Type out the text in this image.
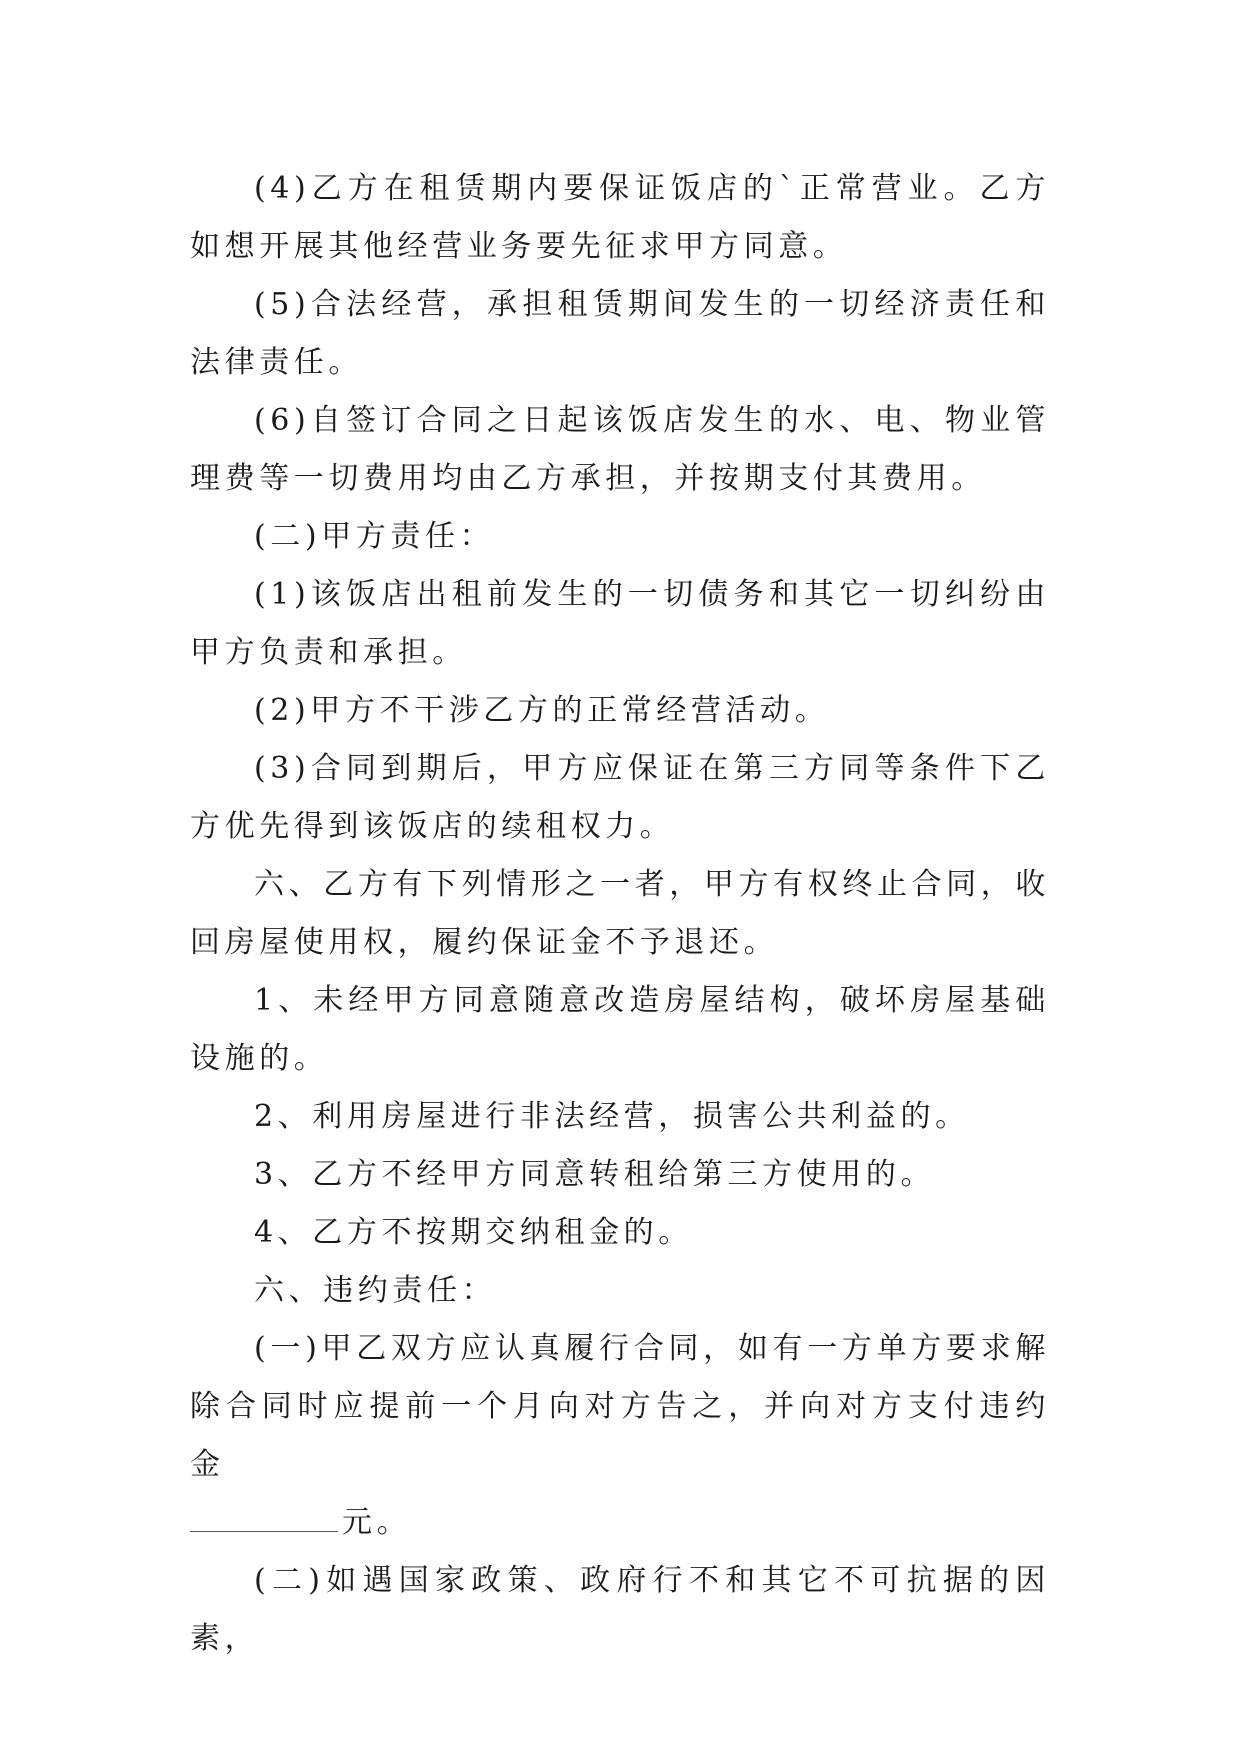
(4)乙方在租赁期内要保证饭店的`正常营业。乙方如想开展其他经营业务要先征求甲方同意。

(5)合法经营，承担租赁期间发生的一切经济责任和法律责任。

(6)自签订合同之日起该饭店发生的水、电、物业管理费等一切费用均由乙方承担，并按期支付其费用。

(二)甲方责任：

(1)该饭店出租前发生的一切债务和其它一切纠纷由甲方负责和承担。

(2)甲方不干涉乙方的正常经营活动。

(3)合同到期后，甲方应保证在第三方同等条件下乙方优先得到该饭店的续租权力。

六、乙方有下列情形之一者，甲方有权终止合同，收回房屋使用权，履约保证金不予退还。

1、未经甲方同意随意改造房屋结构，破坏房屋基础设施的。

2、利用房屋进行非法经营，损害公共利益的。

3、乙方不经甲方同意转租给第三方使用的。

4、乙方不按期交纳租金的。

六、违约责任：

(一)甲乙双方应认真履行合同，如有一方单方要求解除合同时应提前一个月向对方告之，并向对方支付违约金

元。

(二)如遇国家政策、政府行不和其它不可抗据的因素，
